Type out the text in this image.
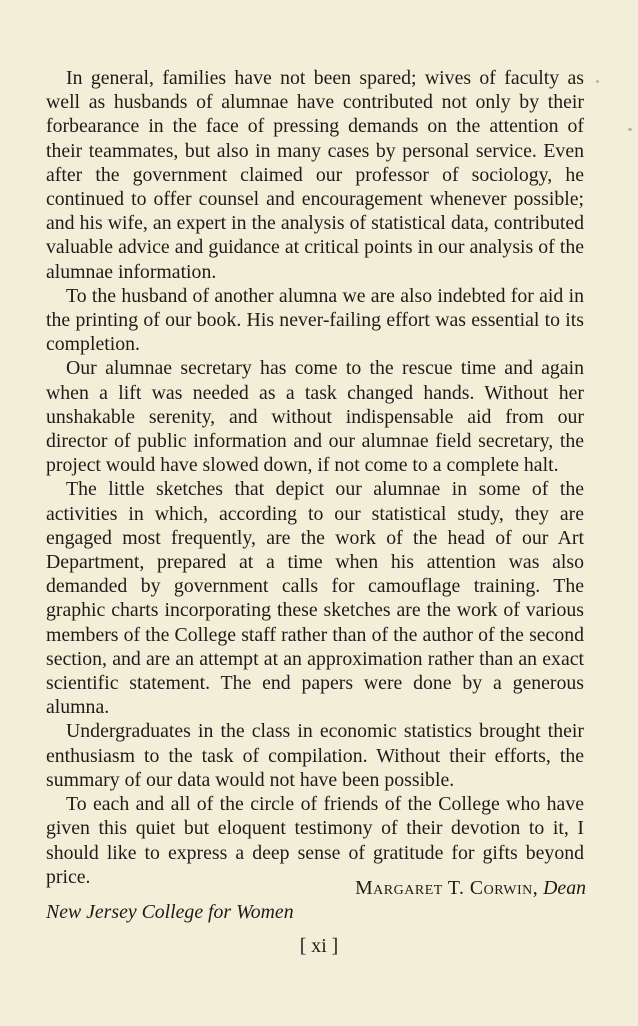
In general, families have not been spared; wives of faculty as well as husbands of alumnae have contributed not only by their forbearance in the face of pressing demands on the attention of their teammates, but also in many cases by personal service. Even after the government claimed our professor of sociology, he continued to offer counsel and encouragement whenever possible; and his wife, an expert in the analysis of statistical data, contributed valuable advice and guidance at critical points in our analysis of the alumnae information.

To the husband of another alumna we are also indebted for aid in the printing of our book. His never-failing effort was essential to its completion.

Our alumnae secretary has come to the rescue time and again when a lift was needed as a task changed hands. Without her unshakable serenity, and without indispensable aid from our director of public information and our alumnae field secretary, the project would have slowed down, if not come to a complete halt.

The little sketches that depict our alumnae in some of the activities in which, according to our statistical study, they are engaged most frequently, are the work of the head of our Art Department, prepared at a time when his attention was also demanded by government calls for camouflage training. The graphic charts incorporating these sketches are the work of various members of the College staff rather than of the author of the second section, and are an attempt at an approximation rather than an exact scientific statement. The end papers were done by a generous alumna.

Undergraduates in the class in economic statistics brought their enthusiasm to the task of compilation. Without their efforts, the summary of our data would not have been possible.

To each and all of the circle of friends of the College who have given this quiet but eloquent testimony of their devotion to it, I should like to express a deep sense of gratitude for gifts beyond price.

Margaret T. Corwin, Dean
New Jersey College for Women
[ xi ]
